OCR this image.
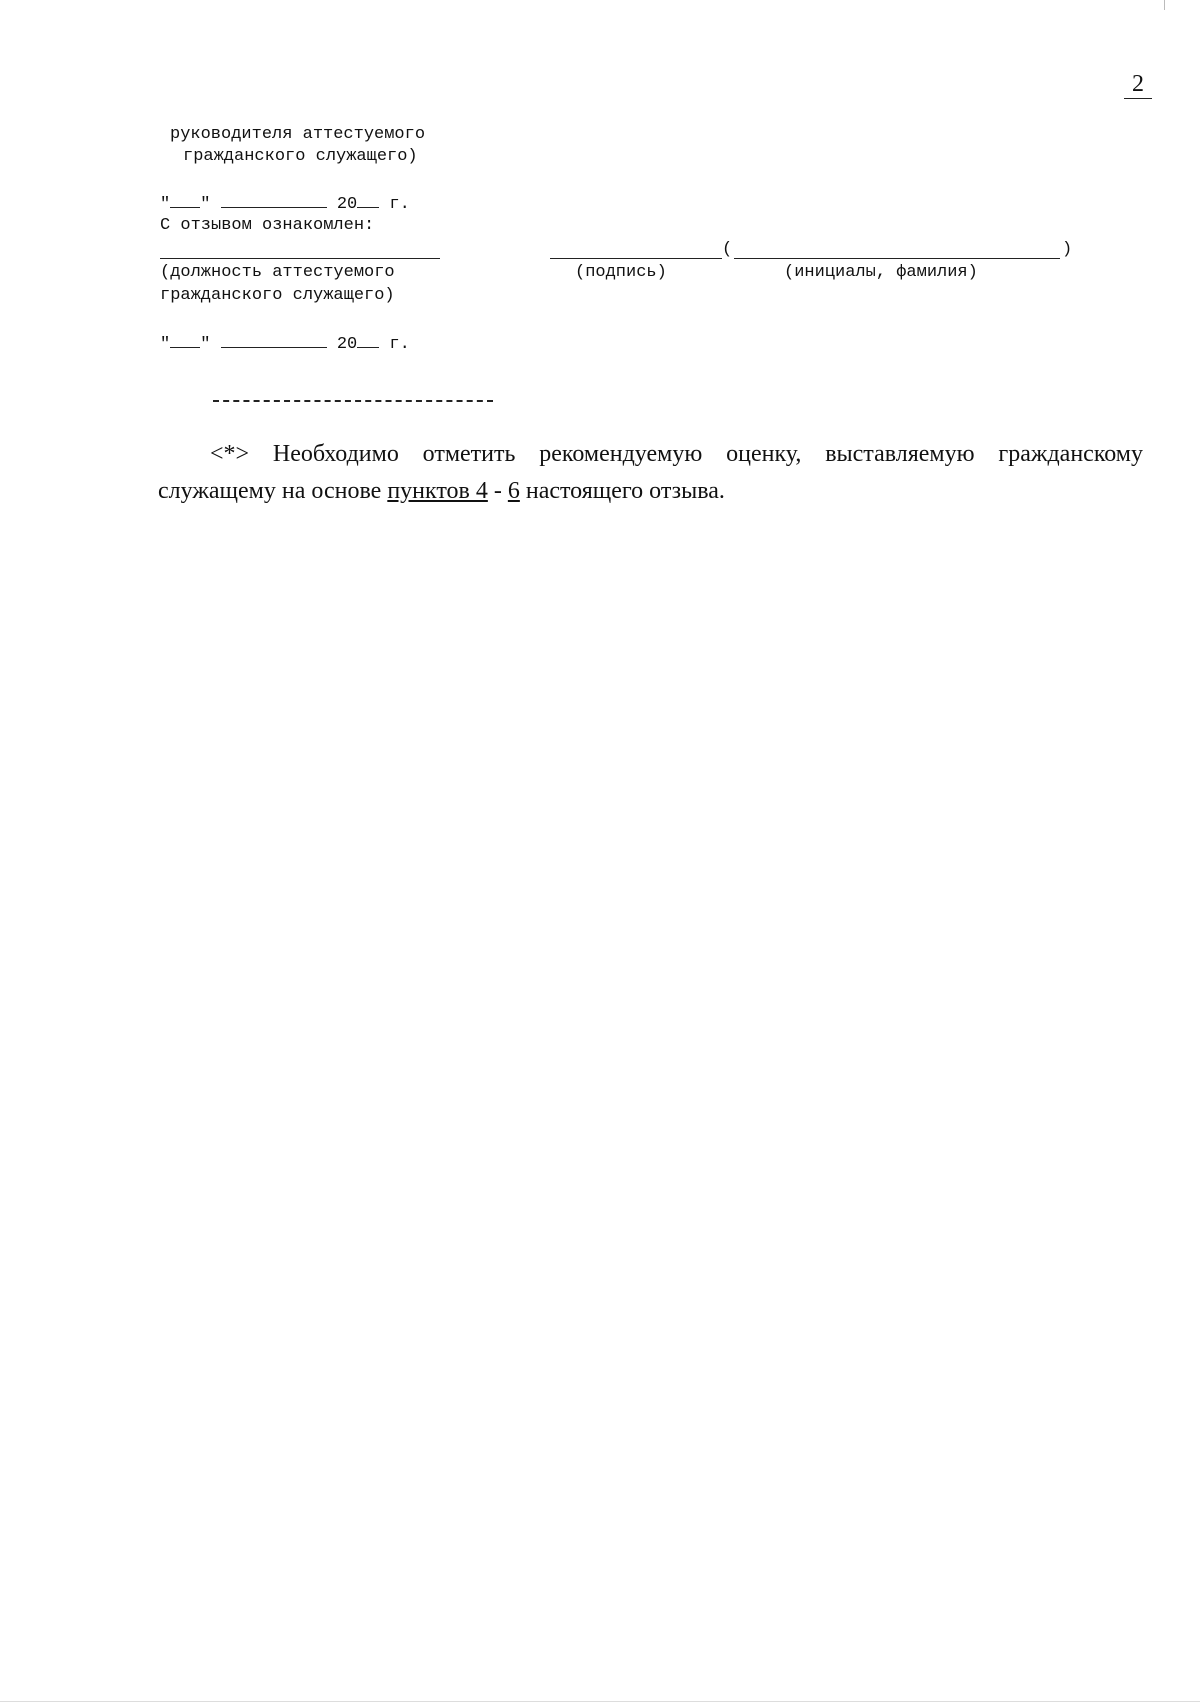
2
руководителя аттестуемого
гражданского служащего)
" "	20 г.
С отзывом ознакомлен:
(	)
(должность аттестуемого
гражданского служащего)
(подпись)	(инициалы, фамилия)
" "	20 г.
<*> Необходимо отметить рекомендуемую оценку, выставляемую гражданскому служащему на основе пунктов 4 - 6 настоящего отзыва.
